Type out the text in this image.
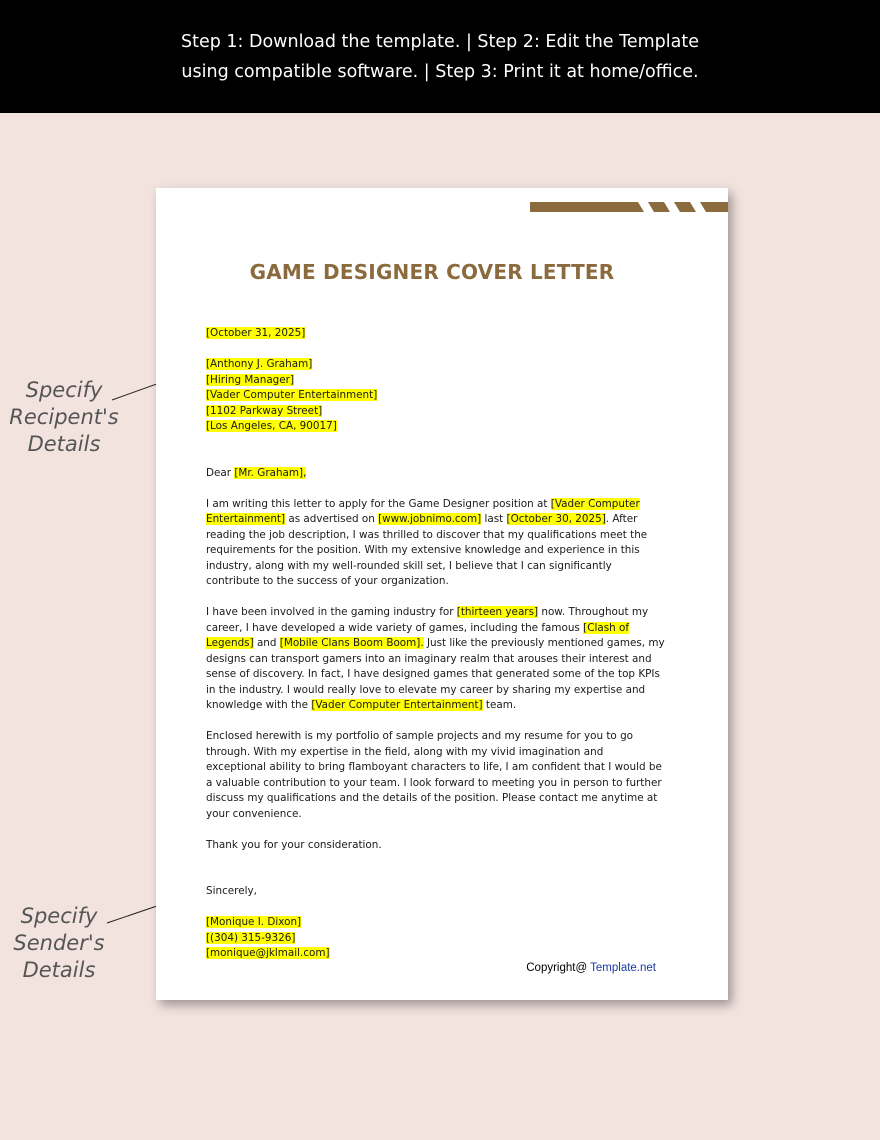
Step 1: Download the template. | Step 2: Edit the Template
using compatible software. | Step 3: Print it at home/office.
Specify
Recipent's
Details
Specify
Sender's
Details
GAME DESIGNER COVER LETTER
[October 31, 2025]
[Anthony J. Graham]
[Hiring Manager]
[Vader Computer Entertainment]
[1102 Parkway Street]
[Los Angeles, CA, 90017]
Dear [Mr. Graham],
I am writing this letter to apply for the Game Designer position at [Vader Computer Entertainment] as advertised on [www.jobnimo.com] last [October 30, 2025]. After reading the job description, I was thrilled to discover that my qualifications meet the requirements for the position. With my extensive knowledge and experience in this industry, along with my well-rounded skill set, I believe that I can significantly contribute to the success of your organization.
I have been involved in the gaming industry for [thirteen years] now. Throughout my career, I have developed a wide variety of games, including the famous [Clash of Legends] and [Mobile Clans Boom Boom]. Just like the previously mentioned games, my designs can transport gamers into an imaginary realm that arouses their interest and sense of discovery. In fact, I have designed games that generated some of the top KPIs in the industry. I would really love to elevate my career by sharing my expertise and knowledge with the [Vader Computer Entertainment] team.
Enclosed herewith is my portfolio of sample projects and my resume for you to go through. With my expertise in the field, along with my vivid imagination and exceptional ability to bring flamboyant characters to life, I am confident that I would be a valuable contribution to your team. I look forward to meeting you in person to further discuss my qualifications and the details of the position. Please contact me anytime at your convenience.
Thank you for your consideration.
Sincerely,
[Monique I. Dixon]
[(304) 315-9326]
[monique@jklmail.com]
Copyright@ Template.net
